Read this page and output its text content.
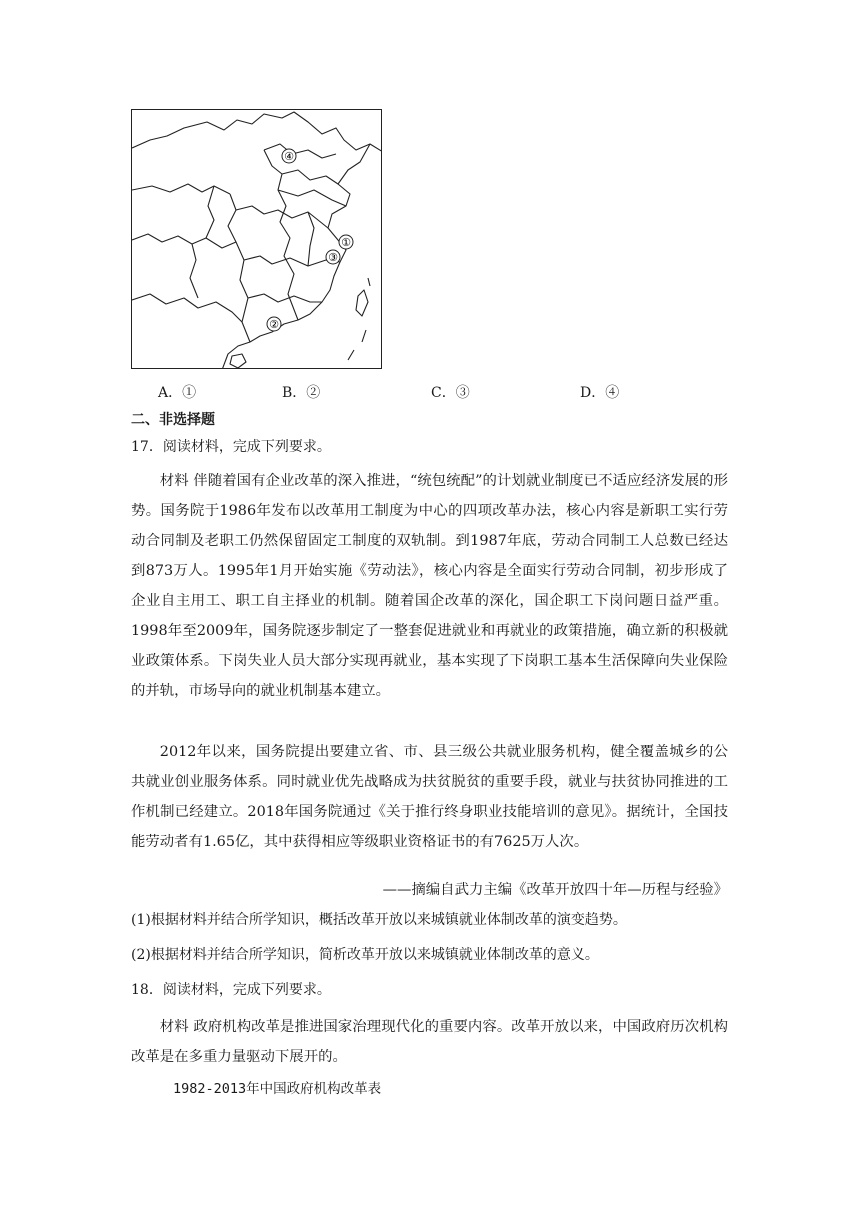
④
①
③
②
A．①	B．②	C．③	D．④
二、非选择题
17．阅读材料，完成下列要求。

材料 伴随着国有企业改革的深入推进，“统包统配”的计划就业制度已不适应经济发展的形势。国务院于1986年发布以改革用工制度为中心的四项改革办法，核心内容是新职工实行劳动合同制及老职工仍然保留固定工制度的双轨制。到1987年底，劳动合同制工人总数已经达到873万人。1995年1月开始实施《劳动法》，核心内容是全面实行劳动合同制，初步形成了企业自主用工、职工自主择业的机制。随着国企改革的深化，国企职工下岗问题日益严重。1998年至2009年，国务院逐步制定了一整套促进就业和再就业的政策措施，确立新的积极就业政策体系。下岗失业人员大部分实现再就业，基本实现了下岗职工基本生活保障向失业保险的并轨，市场导向的就业机制基本建立。

2012年以来，国务院提出要建立省、市、县三级公共就业服务机构，健全覆盖城乡的公共就业创业服务体系。同时就业优先战略成为扶贫脱贫的重要手段，就业与扶贫协同推进的工作机制已经建立。2018年国务院通过《关于推行终身职业技能培训的意见》。据统计，全国技能劳动者有1.65亿，其中获得相应等级职业资格证书的有7625万人次。

——摘编自武力主编《改革开放四十年—历程与经验》
(1)根据材料并结合所学知识，概括改革开放以来城镇就业体制改革的演变趋势。
(2)根据材料并结合所学知识，简析改革开放以来城镇就业体制改革的意义。
18．阅读材料，完成下列要求。

材料 政府机构改革是推进国家治理现代化的重要内容。改革开放以来，中国政府历次机构改革是在多重力量驱动下展开的。

1982-2013年中国政府机构改革表
